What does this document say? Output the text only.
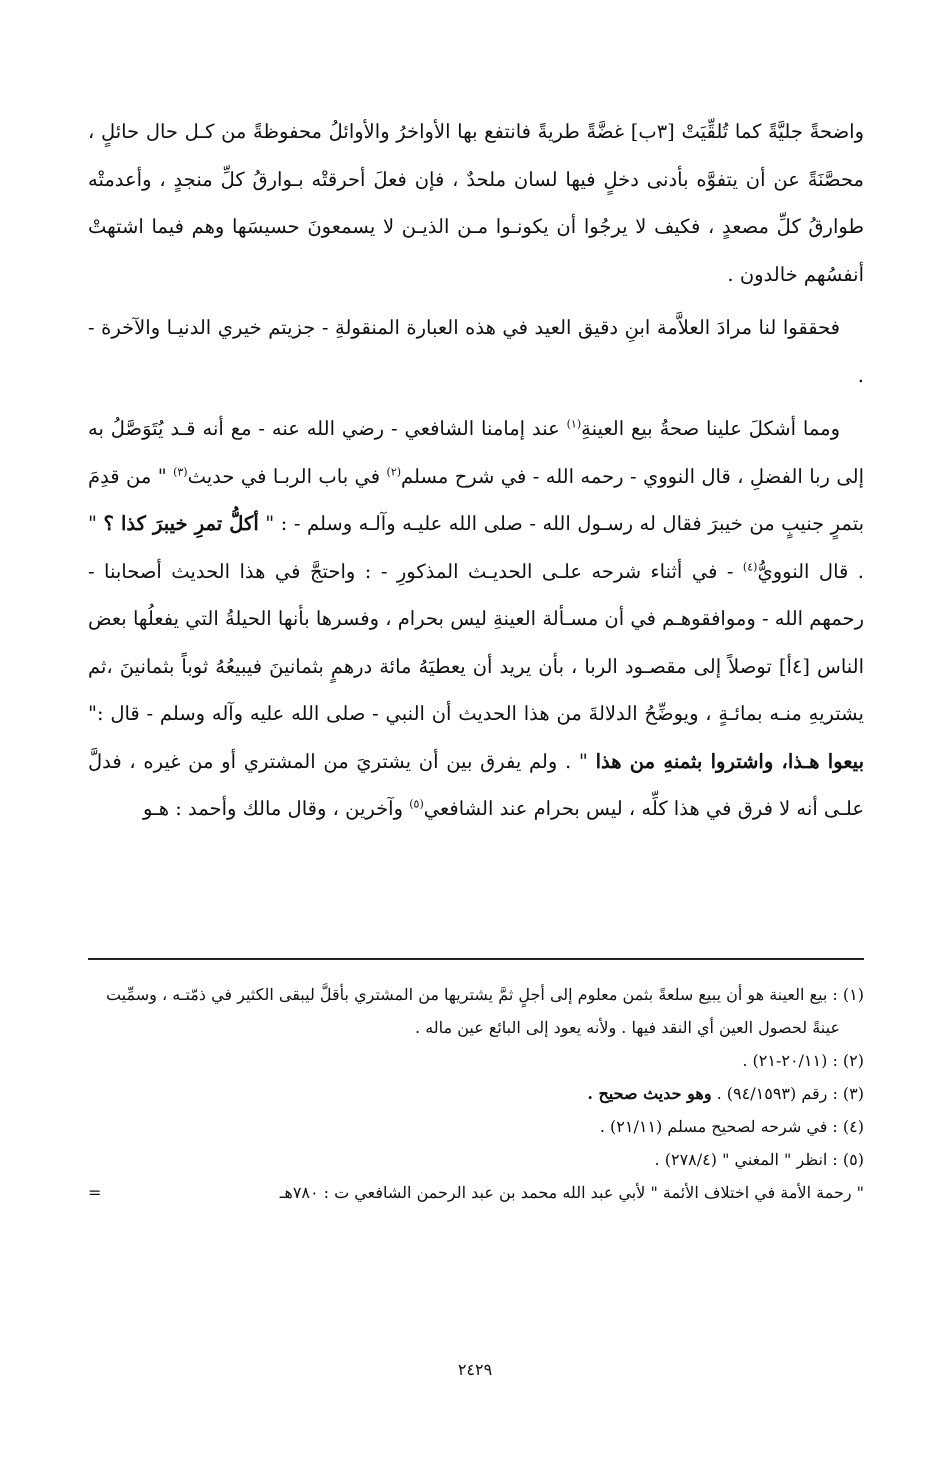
واضحةً جليَّةً كما تُلقِّيَتْ [٣ب] غضَّةً طريةً فانتفع بها الأواخرُ والأوائلُ محفوظةً من كـل حال حائلٍ ، محصَّنَةً عن أن يتفوَّه بأدنى دخلٍ فيها لسان ملحدٌ ، فإن فعلَ أحرقتْه بـوارقُ كلِّ منجدٍ ، وأعدمتْه طوارقُ كلِّ مصعدٍ ، فكيف لا يرجُوا أن يكونـوا مـن الذيـن لا يسمعونَ حسيسَها وهم فيما اشتهتْ أنفسُهم خالدون .

فحققوا لنا مرادَ العلاَّمة ابنِ دقيق العيد في هذه العبارة المنقولةِ - جزيتم خيري الدنيـا والآخرة - .

ومما أشكلَ علينا صحةُ بيع العينةِ$^{(١)}$ عند إمامنا الشافعي - رضي الله عنه - مع أنه قـد يُتَوَصَّلُ به إلى ربا الفضلِ ، قال النووي - رحمه الله - في شرح مسلم$^{(٢)}$ في باب الربـا في حديث$^{(٣)}$ " من قدِمَ بتمرٍ جنيبٍ من خيبرَ فقال له رسـول الله - صلى الله عليـه وآلـه وسلم - : " أكلُّ تمرِ خيبرَ كذا ؟ " . قال النوويُّ$^{(٤)}$ - في أثناء شرحه علـى الحديـث المذكورِ - : واحتجَّ في هذا الحديث أصحابنا - رحمهم الله - وموافقوهـم في أن مسـألة العينةِ ليس بحرام ، وفسرها بأنها الحيلةُ التي يفعلُها بعض الناس [٤أ] توصلاً إلى مقصـود الربا ، بأن يريد أن يعطيَهُ مائة درهمٍ بثمانينَ فيبيعُهُ ثوباً بثمانينَ ،ثم يشتريهِ منـه بمائـةٍ ، ويوضِّحُ الدلالةَ من هذا الحديث أن النبي - صلى الله عليه وآله وسلم - قال :" بيعوا هـذا، واشتروا بثمنهِ من هذا " . ولم يفرق بين أن يشتريَ من المشتري أو من غيره ، فدلَّ علـى أنه لا فرق في هذا كلِّه ، ليس بحرام عند الشافعي$^{(٥)}$ وآخرين ، وقال مالك وأحمد : هـو

(١) : بيع العينة هو أن يبيع سلعةً بثمن معلوم إلى أجلٍ ثمَّ يشتريها من المشتري بأقلَّ ليبقى الكثير في ذمّتـه ، وسمِّيت عينةً لحصول العين أي النقد فيها . ولأنه يعود إلى البائع عين ماله .

(٢) : (٢٠/١١-٢١) .

(٣) : رقم (٩٤/١٥٩٣) . وهو حديث صحيح .

(٤) : في شرحه لصحيح مسلم (٢١/١١) .

(٥) : انظر " المغني " (٢٧٨/٤) .

" رحمة الأمة في اختلاف الأئمة " لأبي عبد الله محمد بن عبد الرحمن الشافعي ت : ٧٨٠هـ
=

٢٤٢٩
